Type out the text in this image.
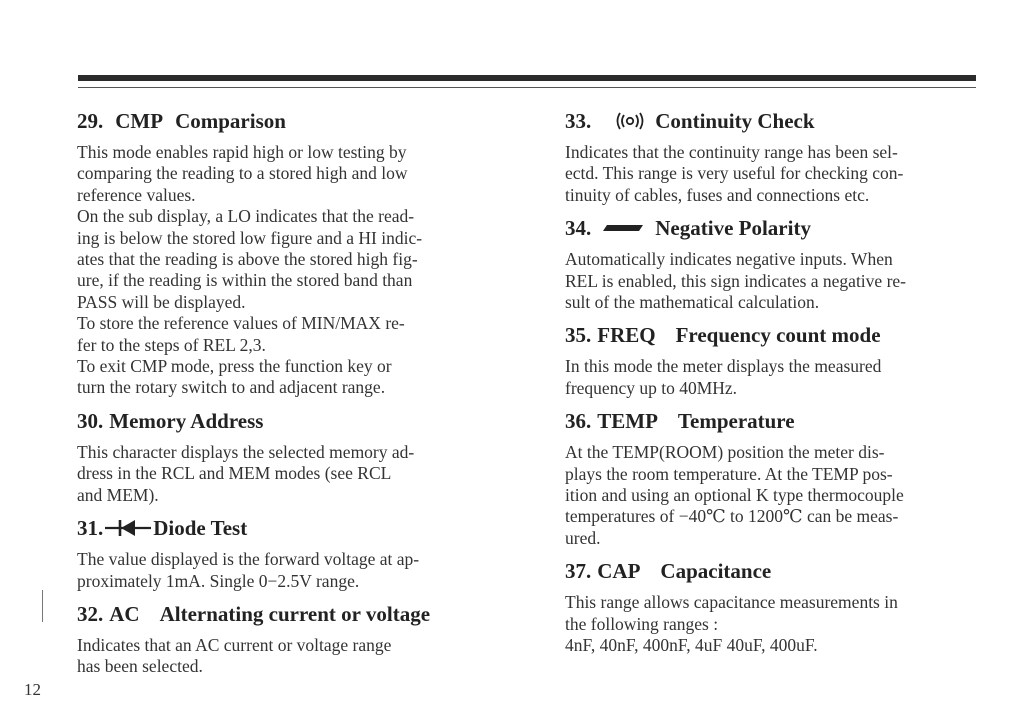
29. CMP Comparison
This mode enables rapid high or low testing by
comparing the reading to a stored high and low
reference values.
On the sub display, a LO indicates that the read-
ing is below the stored low figure and a HI indic-
ates that the reading is above the stored high fig-
ure, if the reading is within the stored band than
PASS will be displayed.
To store the reference values of MIN/MAX re-
fer to the steps of REL 2,3.
To exit CMP mode, press the function key or
turn the rotary switch to and adjacent range.
30. Memory Address
This character displays the selected memory ad-
dress in the RCL and MEM modes (see RCL
and MEM).
31. Diode Test
The value displayed is the forward voltage at ap-
proximately 1mA. Single 0−2.5V range.
32. AC Alternating current or voltage
Indicates that an AC current or voltage range
has been selected.
33.	Continuity Check
Indicates that the continuity range has been sel-
ectd. This range is very useful for checking con-
tinuity of cables, fuses and connections etc.
34.	Negative Polarity
Automatically indicates negative inputs. When
REL is enabled, this sign indicates a negative re-
sult of the mathematical calculation.
35. FREQ Frequency count mode
In this mode the meter displays the measured
frequency up to 40MHz.
36. TEMP Temperature
At the TEMP(ROOM) position the meter dis-
plays the room temperature. At the TEMP pos-
ition and using an optional K type thermocouple
temperatures of −40℃ to 1200℃ can be meas-
ured.
37. CAP Capacitance
This range allows capacitance measurements in
the following ranges :
4nF, 40nF, 400nF, 4uF 40uF, 400uF.
12
